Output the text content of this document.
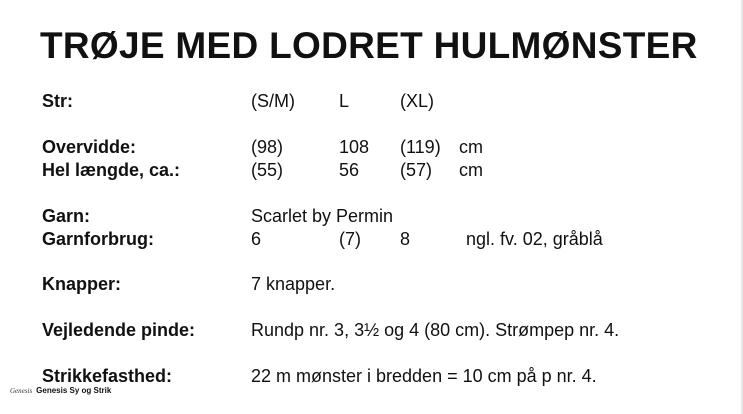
TRØJE MED LODRET HULMØNSTER
Str:	(S/M) L	(XL)
Overvidde:	(98)	108 (119) cm
Hel længde, ca.:	(55)	56 (57) cm
Garn:	Scarlet by Permin
Garnforbrug:	6	(7) 8	ngl. fv. 02, gråblå
Knapper:	7 knapper.
Vejledende pinde:	Rundp nr. 3, 3½ og 4 (80 cm). Strømpep nr. 4.
Strikkefasthed:	22 m mønster i bredden = 10 cm på p nr. 4.
Genesis Genesis Sy og Strik
